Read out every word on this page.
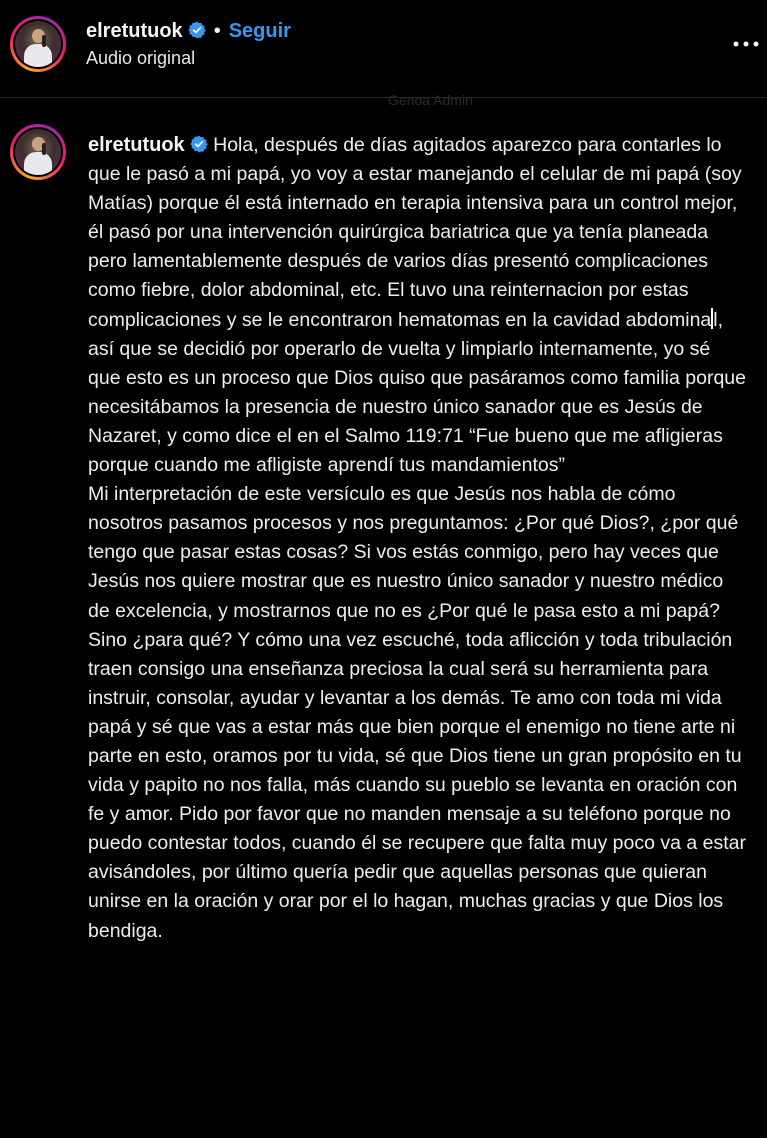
elretutuok • Seguir
Audio original
Genoa Admin
elretutuok Hola, después de días agitados aparezco para contarles lo que le pasó a mi papá, yo voy a estar manejando el celular de mi papá (soy Matías) porque él está internado en terapia intensiva para un control mejor, él pasó por una intervención quirúrgica bariatrica que ya tenía planeada pero lamentablemente después de varios días presentó complicaciones como fiebre, dolor abdominal, etc. El tuvo una reinternacion por estas complicaciones y se le encontraron hematomas en la cavidad abdomina l, así que se decidió por operarlo de vuelta y limpiarlo internamente, yo sé que esto es un proceso que Dios quiso que pasáramos como familia porque necesitábamos la presencia de nuestro único sanador que es Jesús de Nazaret, y como dice el en el Salmo 119:71 “Fue bueno que me afligieras porque cuando me afligiste aprendí tus mandamientos”
Mi interpretación de este versículo es que Jesús nos habla de cómo nosotros pasamos procesos y nos preguntamos: ¿Por qué Dios?, ¿por qué tengo que pasar estas cosas? Si vos estás conmigo, pero hay veces que Jesús nos quiere mostrar que es nuestro único sanador y nuestro médico de excelencia, y mostrarnos que no es ¿Por qué le pasa esto a mi papá? Sino ¿para qué? Y cómo una vez escuché, toda aflicción y toda tribulación traen consigo una enseñanza preciosa la cual será su herramienta para instruir, consolar, ayudar y levantar a los demás. Te amo con toda mi vida papá y sé que vas a estar más que bien porque el enemigo no tiene arte ni parte en esto, oramos por tu vida, sé que Dios tiene un gran propósito en tu vida y papito no nos falla, más cuando su pueblo se levanta en oración con fe y amor. Pido por favor que no manden mensaje a su teléfono porque no puedo contestar todos, cuando él se recupere que falta muy poco va a estar avisándoles, por último quería pedir que aquellas personas que quieran unirse en la oración y orar por el lo hagan, muchas gracias y que Dios los bendiga.
